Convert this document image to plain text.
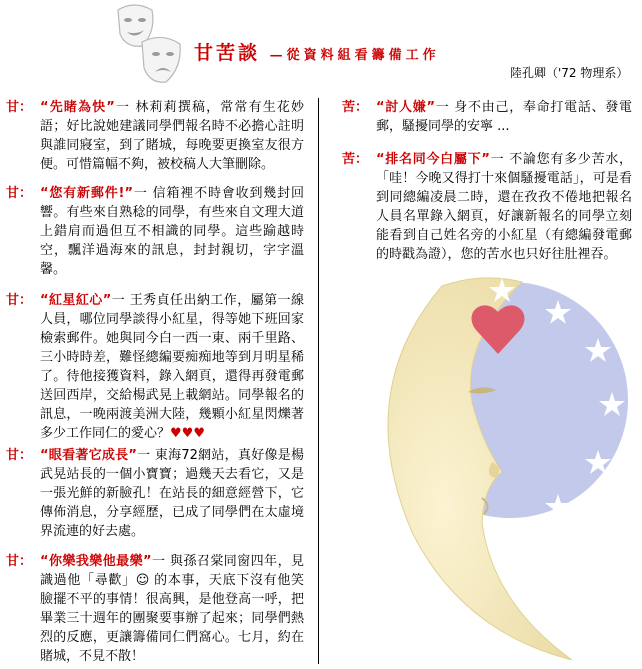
甘苦談 —從資料組看籌備工作
陸孔卿（'72 物理系）
甘： “先睹為快”一 林莉莉撰稿，常常有生花妙語；好比說她建議同學們報名時不必擔心註明與誰同寢室，到了賭城，每晚要更換室友很方便。可惜篇幅不夠，被校稿人大筆刪除。
甘： “您有新郵件!”一 信箱裡不時會收到幾封回響。有些來自熟稔的同學，有些來自文理大道上錯肩而過但互不相識的同學。這些踰越時空，飄洋過海來的訊息，封封親切，字字溫馨。
甘： “紅星紅心”一 王秀貞任出納工作，屬第一線人員，哪位同學談得小紅星，得等她下班回家檢索郵件。她與同今白一西一東、兩千里路、三小時時差，難怪總編要痴痴地等到月明星稀了。待他接獲資料，錄入網頁，還得再發電郵送回西岸，交給楊武晃上載網站。同學報名的訊息，一晚兩渡美洲大陸，幾顆小紅星閃爍著多少工作同仁的愛心？♥♥♥
甘： “眼看著它成長”一 東海72網站，真好像是楊武晃站長的一個小寶寶；過幾天去看它，又是一張光鮮的新臉孔！在站長的細意經營下，它傳佈消息，分享經歷，已成了同學們在太虛境界流連的好去處。
甘： “你樂我樂他最樂”一 與孫召棠同窗四年，見識過他「尋歡」☺ 的本事，天底下沒有他笑臉擺不平的事情！很高興，是他登高一呼，把畢業三十週年的團聚要事辦了起來；同學們熱烈的反應，更讓籌備同仁們窩心。七月，約在賭城，不見不散！
苦： “討人嫌”一 身不由己，奉命打電話、發電郵，騷擾同學的安寧 ...
苦： “排名同今白屬下”一 不論您有多少苦水，「哇！今晚又得打十來個騷擾電話」，可是看到同總編凌晨二時，還在孜孜不倦地把報名人員名單錄入網頁，好讓新報名的同學立刻能看到自己姓名旁的小紅星（有總編發電郵的時戳為證），您的苦水也只好往肚裡吞。
